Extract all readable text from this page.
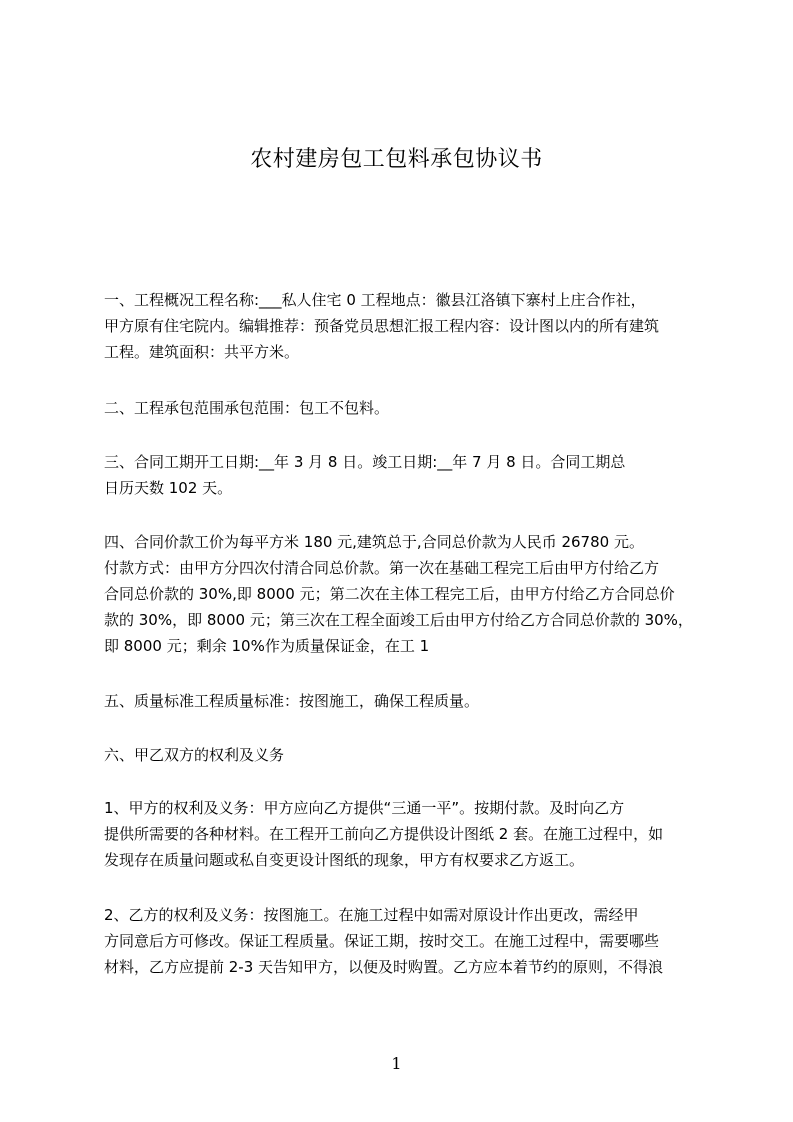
农村建房包工包料承包协议书
一、工程概况工程名称:___私人住宅 0 工程地点：徽县江洛镇下寨村上庄合作社，
甲方原有住宅院内。编辑推荐：预备党员思想汇报工程内容：设计图以内的所有建筑
工程。建筑面积：共平方米。
二、工程承包范围承包范围：包工不包料。
三、合同工期开工日期:__年 3 月 8 日。竣工日期:__年 7 月 8 日。合同工期总
日历天数 102 天。
四、合同价款工价为每平方米 180 元,建筑总于,合同总价款为人民币 26780 元。
付款方式：由甲方分四次付清合同总价款。第一次在基础工程完工后由甲方付给乙方
合同总价款的 30%,即 8000 元；第二次在主体工程完工后，由甲方付给乙方合同总价
款的 30%，即 8000 元；第三次在工程全面竣工后由甲方付给乙方合同总价款的 30%，
即 8000 元；剩余 10%作为质量保证金，在工 1
五、质量标准工程质量标准：按图施工，确保工程质量。
六、甲乙双方的权利及义务
1、甲方的权利及义务：甲方应向乙方提供“三通一平”。按期付款。及时向乙方
提供所需要的各种材料。在工程开工前向乙方提供设计图纸 2 套。在施工过程中，如
发现存在质量问题或私自变更设计图纸的现象，甲方有权要求乙方返工。
2、乙方的权利及义务：按图施工。在施工过程中如需对原设计作出更改，需经甲
方同意后方可修改。保证工程质量。保证工期，按时交工。在施工过程中，需要哪些
材料，乙方应提前 2-3 天告知甲方，以便及时购置。乙方应本着节约的原则，不得浪
1
